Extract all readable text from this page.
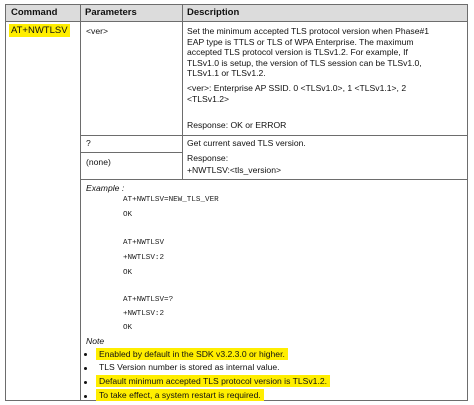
Command	Parameters	Description
AT+NWTLSV <ver>	Set the minimum accepted TLS protocol version when Phase#1
EAP type is TTLS or TLS of WPA Enterprise. The maximum
accepted TLS protocol version is TLSv1.2. For example, If
TLSv1.0 is setup, the version of TLS session can be TLSv1.0,
TLSv1.1 or TLSv1.2.
<ver>: Enterprise AP SSID. 0 <TLSv1.0>, 1 <TLSv1.1>, 2
<TLSv1.2>
Response: OK or ERROR
?	Get current saved TLS version.
(none)	Response:
+NWTLSV:<tls_version>
Example :
AT+NWTLSV=NEW_TLS_VER
OK
AT+NWTLSV
+NWTLSV:2
OK
AT+NWTLSV=?
+NWTLSV:2
OK
Note
Enabled by default in the SDK v3.2.3.0 or higher.
TLS Version number is stored as internal value.
Default minimum accepted TLS protocol version is TLSv1.2.
To take effect, a system restart is required.
